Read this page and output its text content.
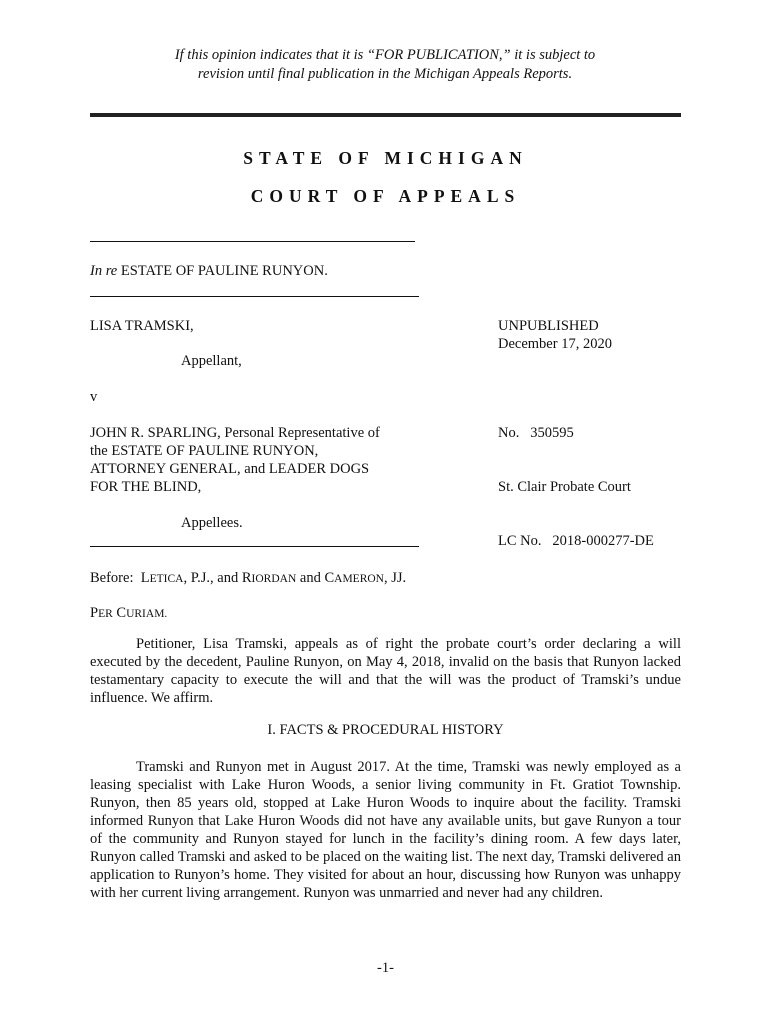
If this opinion indicates that it is “FOR PUBLICATION,” it is subject to
revision until final publication in the Michigan Appeals Reports.
STATE OF MICHIGAN
COURT OF APPEALS
In re ESTATE OF PAULINE RUNYON.
LISA TRAMSKI,
Appellant,
v
JOHN R. SPARLING, Personal Representative of
the ESTATE OF PAULINE RUNYON,
ATTORNEY GENERAL, and LEADER DOGS
FOR THE BLIND,
Appellees.
UNPUBLISHED
December 17, 2020

No.   350595

St. Clair Probate Court

LC No.   2018-000277-DE

Before:  LETICA, P.J., and RIORDAN and CAMERON, JJ.
PER CURIAM.
Petitioner, Lisa Tramski, appeals as of right the probate court’s order declaring a will executed by the decedent, Pauline Runyon, on May 4, 2018, invalid on the basis that Runyon lacked testamentary capacity to execute the will and that the will was the product of Tramski’s undue influence. We affirm.
I. FACTS & PROCEDURAL HISTORY
Tramski and Runyon met in August 2017. At the time, Tramski was newly employed as a leasing specialist with Lake Huron Woods, a senior living community in Ft. Gratiot Township. Runyon, then 85 years old, stopped at Lake Huron Woods to inquire about the facility. Tramski informed Runyon that Lake Huron Woods did not have any available units, but gave Runyon a tour of the community and Runyon stayed for lunch in the facility’s dining room. A few days later, Runyon called Tramski and asked to be placed on the waiting list. The next day, Tramski delivered an application to Runyon’s home. They visited for about an hour, discussing how Runyon was unhappy with her current living arrangement. Runyon was unmarried and never had any children.
-1-
